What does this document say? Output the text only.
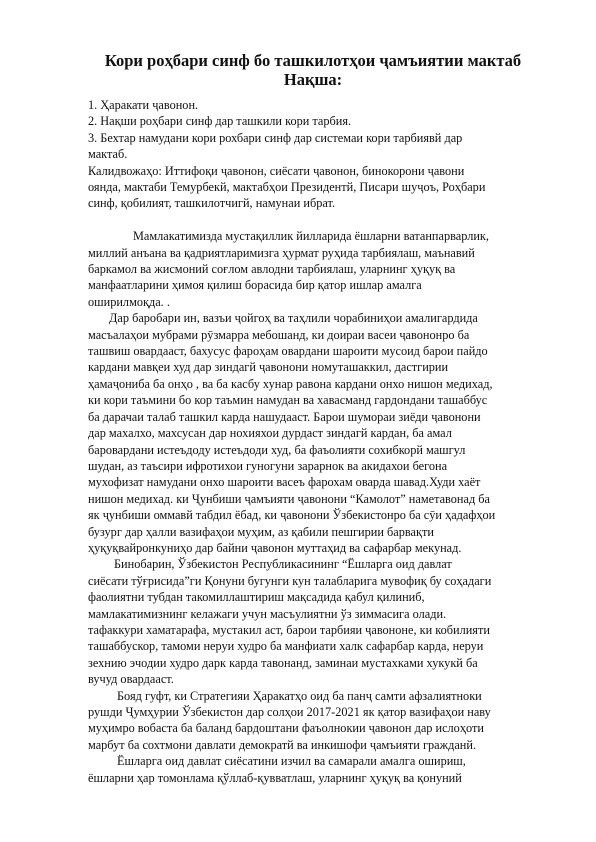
Кори роҳбари синф бо ташкилотҳои ҷамъиятии мактаб
Нақша:
1. Ҳаракати ҷавонон.
2. Нақши роҳбари синф дар ташкили кори тарбия.
3. Бехтар намудани кори рохбари синф дар системаи кори тарбиявй дар
мактаб.
Калидвожаҳо: Иттифоқи ҷавонон, сиёсати ҷавонон, бинокорони ҷавони
ояндa, мактаби Темурбекй, мактабҳои Президентй, Писари шуҷоъ, Роҳбари
синф, қобилият, ташкилотчигй, намунаи ибрат.
Мамлакатимизда мустақиллик йилларида ёшларни ватанпарварлик,
миллий анъана ва қадриятларимизга ҳурмат руҳида тарбиялаш, маънавий
баркамол ва жисмоний соғлом авлодни тарбиялаш, уларнинг ҳуқуқ ва
манфаатларини ҳимоя қилиш борасида бир қатор ишлар амалга
оширилмоқда. .
Дар баробари ин, вазъи ҷойгоҳ ва таҳлили чорабиниҳои амалигардида
масъалаҳои мубрами рӯзмарра мебошанд, ки доираи васеи ҷавононро ба
ташвиш овардааст, бахусус фароҳам овардани шароити мусоид барои пайдо
кардани мавқеи худ дар зиндагй ҷавонони номуташаккил, дастгирии
ҳамаҷониба ба онҳо , ва ба касбу хунар равона кардани онхо нишон медихад,
ки кори таъмини бо кор таъмин намудан ва хавасманд гардондани ташаббус
ба дарачаи талаб ташкил карда нашудааст. Барои шумораи зиёди ҷавонони
дар махалхо, махсусан дар нохияхои дурдаст зиндагй кардан, ба амал
баровардани истеъдоду истеъдоди худ, ба фаъолияти сохибкорй машгул
шудан, аз таъсири ифротихои гуногуни зарарнок ва акидахои бегона
мухофизат намудани онхо шароити васеъ фарохам оварда шавад.Худи хаёт
нишон медихад. ки Ҷунбиши ҷамъияти ҷавонони “Камолот” наметавонад ба
як ҷунбиши оммавй табдил ёбад, ки ҷавонони Ўзбекистонро ба сӯи ҳадафҳои
бузург дар ҳалли вазифаҳои муҳим, аз қабили пешгирии барвақти
ҳуқуқвайронкуниҳо дар байни ҷавонон муттаҳид ва сафарбар мекунад.
Бинобарин, Ўзбекистон Республикасининг “Ёшларга оид давлат
сиёсати тўғрисида”ги Қонуни бугунги кун талабларига мувофиқ бу соҳадаги
фаолиятни тубдан такомиллаштириш мақсадида қабул қилиниб,
мамлакатимизнинг келажаги учун масъулиятни ўз зиммасига олади.
тафаккури хаматарафа, мустакил аст, барои тарбияи ҷавононе, ки кобилияти
ташаббускор, тамоми неруи худро ба манфиати халк сафарбар карда, неруи
зехнию эчодии худро дарк карда тавонанд, заминаи мустахками хукукй ба
вучуд овардааст.
Бояд гуфт, ки Стратегияи Ҳаракатҳо оид ба панҷ самти афзалиятноки
рушди Ҷумҳурии Ўзбекистон дар солҳои 2017-2021 як қатор вазифаҳои наву
муҳимро вобаста ба баланд бардоштани фаъолнокии ҷавонон дар ислоҳоти
марбут ба сохтмони давлати демократй ва инкишофи ҷамъияти гражданй.
Ёшларга оид давлат сиёсатини изчил ва самарали амалга ошириш,
ёшларни ҳар томонлама қўллаб-қувватлаш, уларнинг ҳуқуқ ва қонуний
